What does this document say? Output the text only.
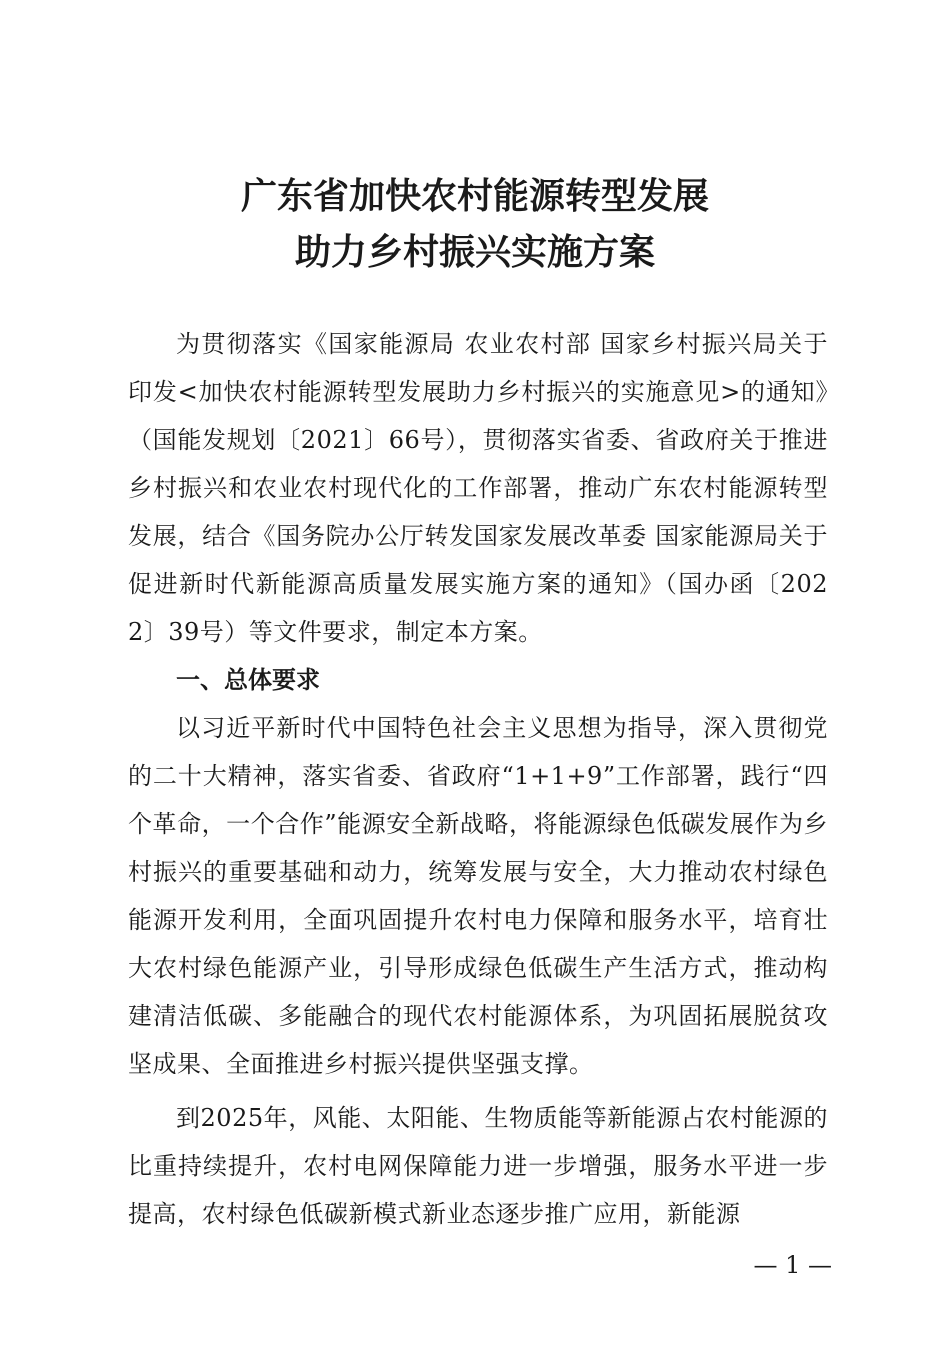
广东省加快农村能源转型发展
助力乡村振兴实施方案

为贯彻落实《国家能源局 农业农村部 国家乡村振兴局关于印发<加快农村能源转型发展助力乡村振兴的实施意见>的通知》（国能发规划〔2021〕66号），贯彻落实省委、省政府关于推进乡村振兴和农业农村现代化的工作部署，推动广东农村能源转型发展，结合《国务院办公厅转发国家发展改革委 国家能源局关于促进新时代新能源高质量发展实施方案的通知》（国办函〔2022〕39号）等文件要求，制定本方案。

一、总体要求

以习近平新时代中国特色社会主义思想为指导，深入贯彻党的二十大精神，落实省委、省政府“1+1+9”工作部署，践行“四个革命，一个合作”能源安全新战略，将能源绿色低碳发展作为乡村振兴的重要基础和动力，统筹发展与安全，大力推动农村绿色能源开发利用，全面巩固提升农村电力保障和服务水平，培育壮大农村绿色能源产业，引导形成绿色低碳生产生活方式，推动构建清洁低碳、多能融合的现代农村能源体系，为巩固拓展脱贫攻坚成果、全面推进乡村振兴提供坚强支撑。

到2025年，风能、太阳能、生物质能等新能源占农村能源的比重持续提升，农村电网保障能力进一步增强，服务水平进一步提高，农村绿色低碳新模式新业态逐步推广应用，新能源

— 1 —
